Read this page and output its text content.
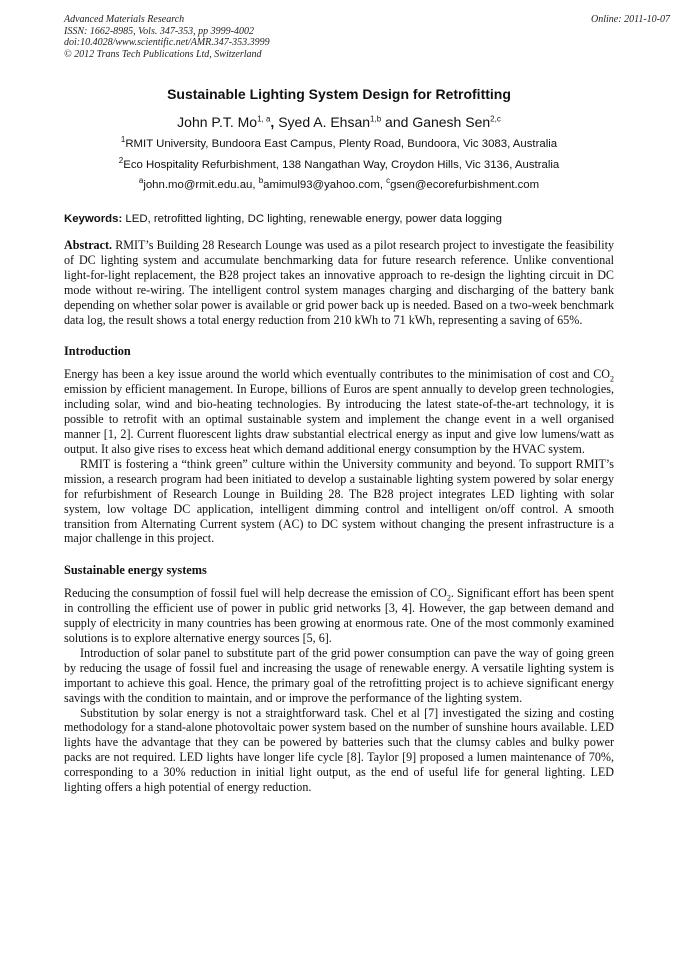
Advanced Materials Research
ISSN: 1662-8985, Vols. 347-353, pp 3999-4002
doi:10.4028/www.scientific.net/AMR.347-353.3999
© 2012 Trans Tech Publications Ltd, Switzerland
Online: 2011-10-07
Sustainable Lighting System Design for Retrofitting
John P.T. Mo$^{1, a}$, Syed A. Ehsan$^{1,b}$ and Ganesh Sen$^{2,c}$
$^1$RMIT University, Bundoora East Campus, Plenty Road, Bundoora, Vic 3083, Australia
$^2$Eco Hospitality Refurbishment, 138 Nangathan Way, Croydon Hills, Vic 3136, Australia
$^a$john.mo@rmit.edu.au, $^b$amimul93@yahoo.com, $^c$gsen@ecorefurbishment.com
Keywords: LED, retrofitted lighting, DC lighting, renewable energy, power data logging
Abstract. RMIT’s Building 28 Research Lounge was used as a pilot research project to investigate the feasibility of DC lighting system and accumulate benchmarking data for future research reference. Unlike conventional light-for-light replacement, the B28 project takes an innovative approach to re-design the lighting circuit in DC mode without re-wiring. The intelligent control system manages charging and discharging of the battery bank depending on whether solar power is available or grid power back up is needed. Based on a two-week benchmark data log, the result shows a total energy reduction from 210 kWh to 71 kWh, representing a saving of 65%.
Introduction

Energy has been a key issue around the world which eventually contributes to the minimisation of cost and $CO_2$ emission by efficient management. In Europe, billions of Euros are spent annually to develop green technologies, including solar, wind and bio-heating technologies. By introducing the latest state-of-the-art technology, it is possible to retrofit with an optimal sustainable system and implement the change event in a well organised manner [1, 2]. Current fluorescent lights draw substantial electrical energy as input and give low lumens/watt as output. It also give rises to excess heat which demand additional energy consumption by the HVAC system.

RMIT is fostering a “think green” culture within the University community and beyond. To support RMIT’s mission, a research program had been initiated to develop a sustainable lighting system powered by solar energy for refurbishment of Research Lounge in Building 28. The B28 project integrates LED lighting with solar system, low voltage DC application, intelligent dimming control and intelligent on/off control. A smooth transition from Alternating Current system (AC) to DC system without changing the present infrastructure is a major challenge in this project.

Sustainable energy systems

Reducing the consumption of fossil fuel will help decrease the emission of $CO_2$. Significant effort has been spent in controlling the efficient use of power in public grid networks [3, 4]. However, the gap between demand and supply of electricity in many countries has been growing at enormous rate. One of the most commonly examined solutions is to explore alternative energy sources [5, 6].

Introduction of solar panel to substitute part of the grid power consumption can pave the way of going green by reducing the usage of fossil fuel and increasing the usage of renewable energy. A versatile lighting system is important to achieve this goal. Hence, the primary goal of the retrofitting project is to achieve significant energy savings with the condition to maintain, and or improve the performance of the lighting system.

Substitution by solar energy is not a straightforward task. Chel et al [7] investigated the sizing and costing methodology for a stand-alone photovoltaic power system based on the number of sunshine hours available. LED lights have the advantage that they can be powered by batteries such that the clumsy cables and bulky power packs are not required. LED lights have longer life cycle [8]. Taylor [9] proposed a lumen maintenance of 70%, corresponding to a 30% reduction in initial light output, as the end of useful life for general lighting. LED lighting offers a high potential of energy reduction.
